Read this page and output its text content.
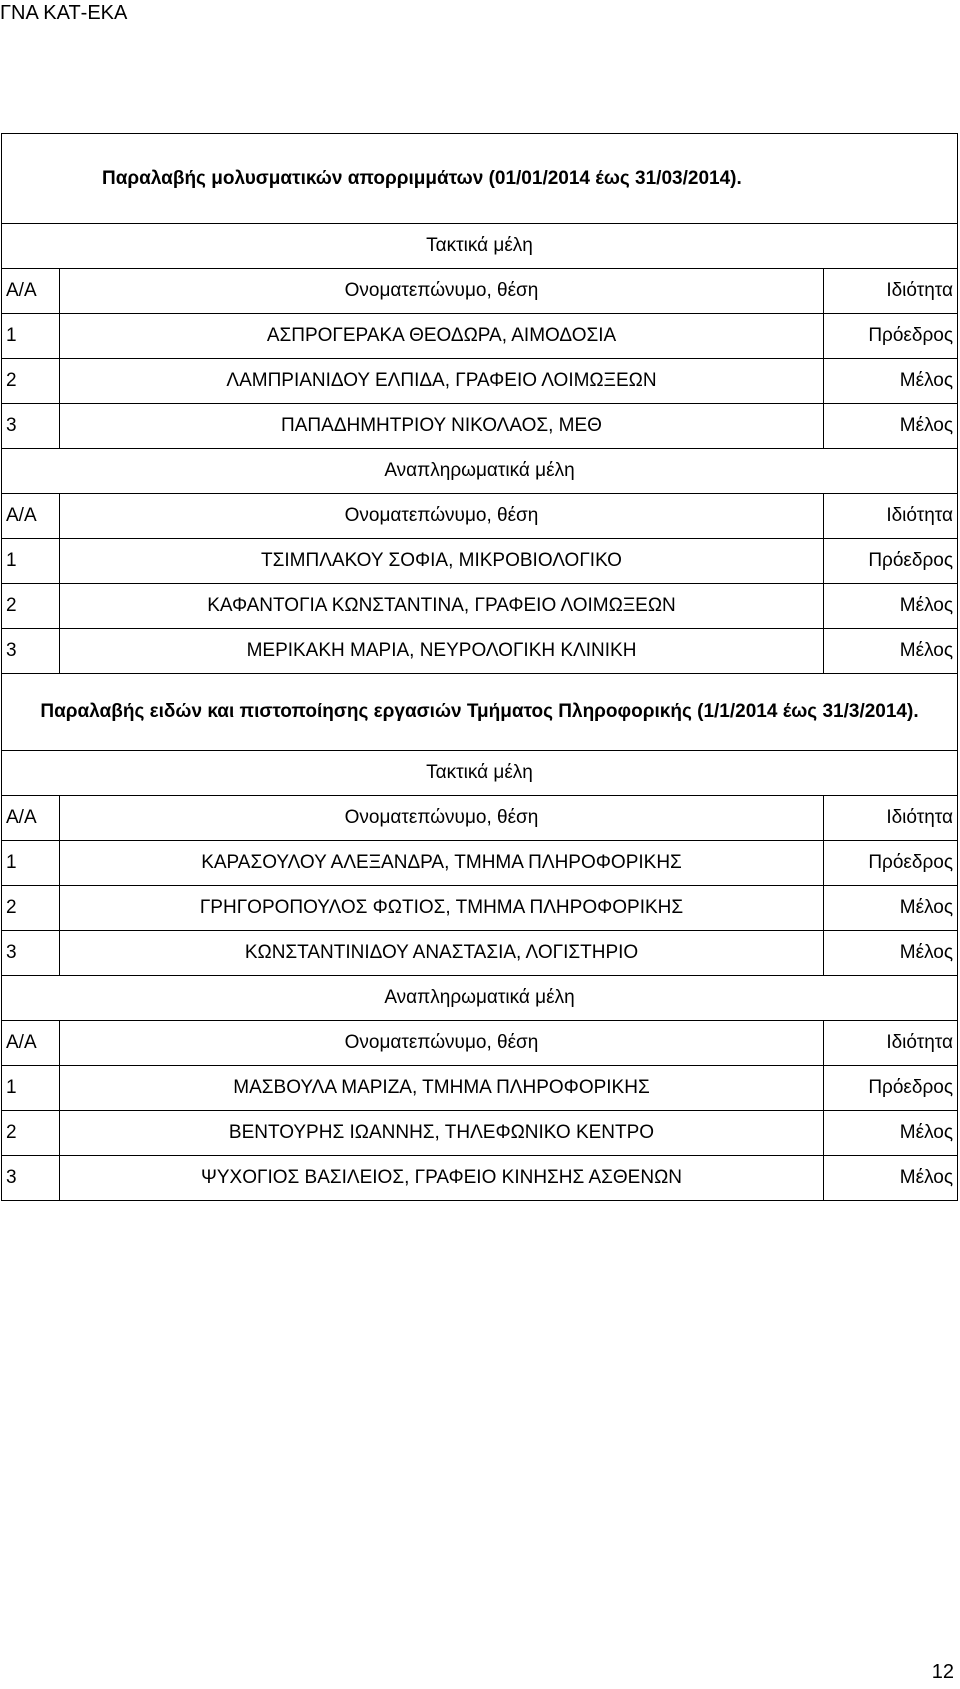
ΓΝΑ ΚΑΤ-ΕΚΑ
Παραλαβής μολυσματικών απορριμμάτων (01/01/2014 έως 31/03/2014).		
Τακτικά μέλη		
Α/Α	Ονοματεπώνυμο, θέση	Ιδιότητα
1	ΑΣΠΡΟΓΕΡΑΚΑ ΘΕΟΔΩΡΑ, ΑΙΜΟΔΟΣΙΑ	Πρόεδρος
2	ΛΑΜΠΡΙΑΝΙΔΟΥ ΕΛΠΙΔΑ, ΓΡΑΦΕΙΟ ΛΟΙΜΩΞΕΩΝ	Μέλος
3	ΠΑΠΑΔΗΜΗΤΡΙΟΥ ΝΙΚΟΛΑΟΣ, ΜΕΘ	Μέλος
Αναπληρωματικά μέλη		
Α/Α	Ονοματεπώνυμο, θέση	Ιδιότητα
1	ΤΣΙΜΠΛΑΚΟΥ ΣΟΦΙΑ, ΜΙΚΡΟΒΙΟΛΟΓΙΚΟ	Πρόεδρος
2	ΚΑΦΑΝΤΟΓΙΑ ΚΩΝΣΤΑΝΤΙΝΑ, ΓΡΑΦΕΙΟ ΛΟΙΜΩΞΕΩΝ	Μέλος
3	ΜΕΡΙΚΑΚΗ ΜΑΡΙΑ, ΝΕΥΡΟΛΟΓΙΚΗ ΚΛΙΝΙΚΗ	Μέλος
Παραλαβής ειδών και πιστοποίησης εργασιών Τμήματος Πληροφορικής (1/1/2014 έως 31/3/2014).		
Τακτικά μέλη		
Α/Α	Ονοματεπώνυμο, θέση	Ιδιότητα
1	ΚΑΡΑΣΟΥΛΟΥ ΑΛΕΞΑΝΔΡΑ, ΤΜΗΜΑ ΠΛΗΡΟΦΟΡΙΚΗΣ	Πρόεδρος
2	ΓΡΗΓΟΡΟΠΟΥΛΟΣ ΦΩΤΙΟΣ, ΤΜΗΜΑ ΠΛΗΡΟΦΟΡΙΚΗΣ	Μέλος
3	ΚΩΝΣΤΑΝΤΙΝΙΔΟΥ ΑΝΑΣΤΑΣΙΑ, ΛΟΓΙΣΤΗΡΙΟ	Μέλος
Αναπληρωματικά μέλη		
Α/Α	Ονοματεπώνυμο, θέση	Ιδιότητα
1	ΜΑΣΒΟΥΛΑ ΜΑΡΙΖΑ, ΤΜΗΜΑ ΠΛΗΡΟΦΟΡΙΚΗΣ	Πρόεδρος
2	ΒΕΝΤΟΥΡΗΣ ΙΩΑΝΝΗΣ, ΤΗΛΕΦΩΝΙΚΟ ΚΕΝΤΡΟ	Μέλος
3	ΨΥΧΟΓΙΟΣ ΒΑΣΙΛΕΙΟΣ, ΓΡΑΦΕΙΟ ΚΙΝΗΣΗΣ ΑΣΘΕΝΩΝ	Μέλος
12
